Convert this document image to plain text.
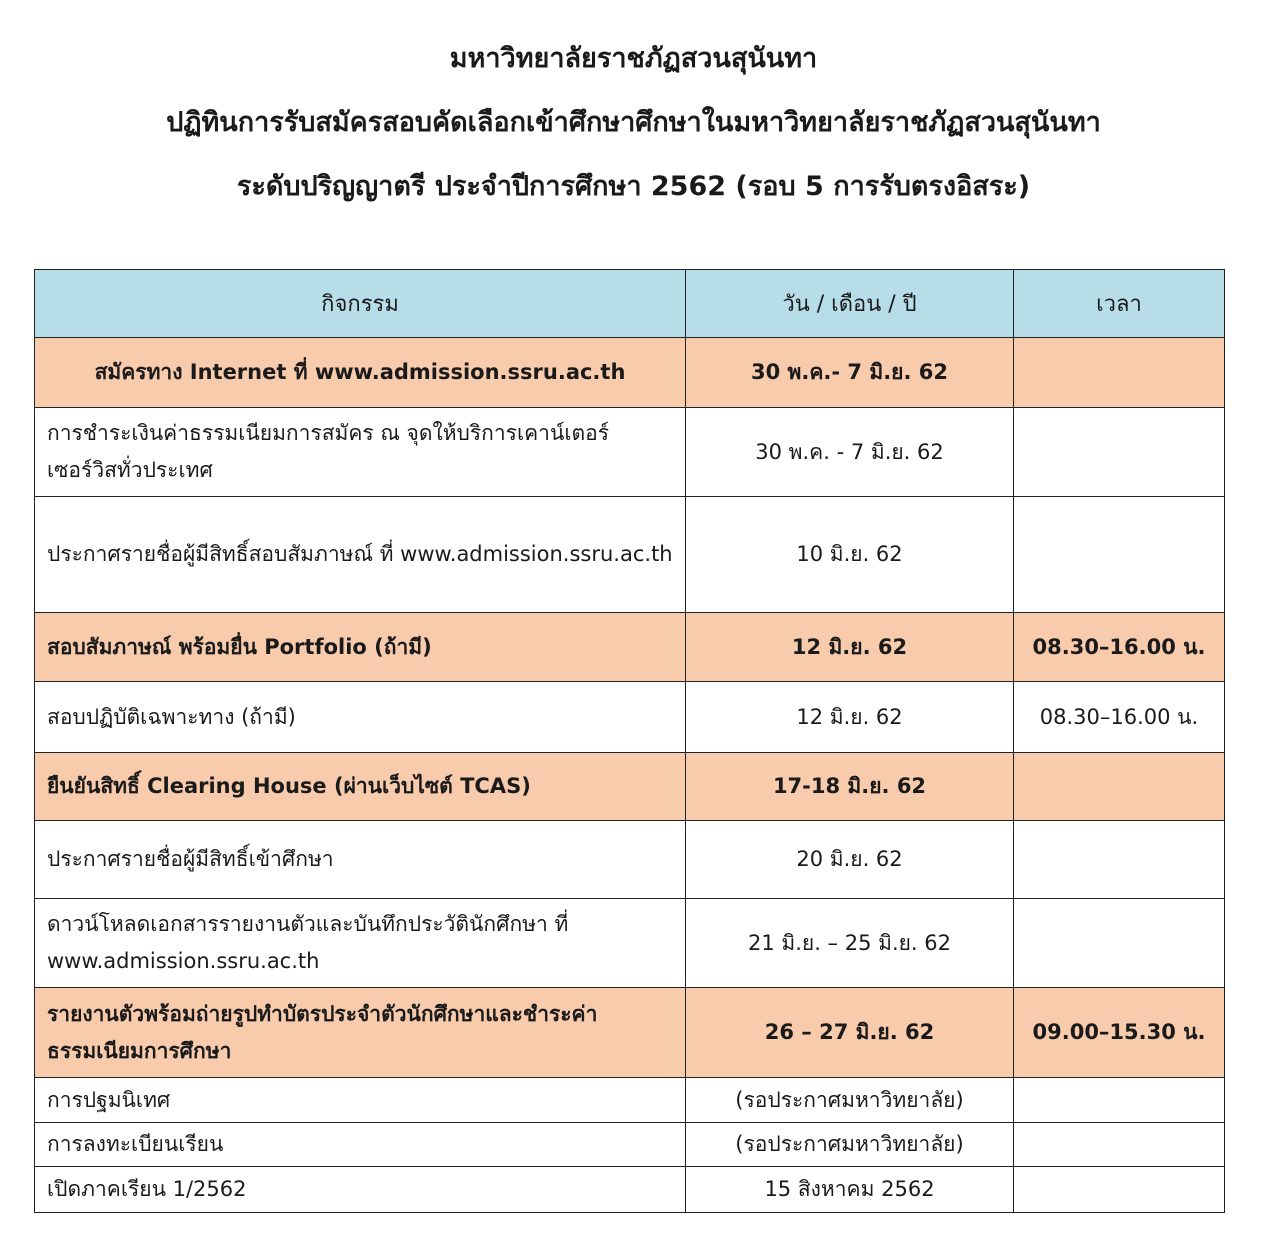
มหาวิทยาลัยราชภัฏสวนสุนันทา
ปฏิทินการรับสมัครสอบคัดเลือกเข้าศึกษาศึกษาในมหาวิทยาลัยราชภัฏสวนสุนันทา
ระดับปริญญาตรี ประจำปีการศึกษา 2562 (รอบ 5 การรับตรงอิสระ)
กิจกรรม	วัน / เดือน / ปี	เวลา
สมัครทาง Internet ที่ www.admission.ssru.ac.th	30 พ.ค.- 7 มิ.ย. 62	
การชำระเงินค่าธรรมเนียมการสมัคร ณ จุดให้บริการเคาน์เตอร์เซอร์วิสทั่วประเทศ	30 พ.ค. - 7 มิ.ย. 62	
ประกาศรายชื่อผู้มีสิทธิ์สอบสัมภาษณ์ ที่ www.admission.ssru.ac.th	10 มิ.ย. 62	
สอบสัมภาษณ์ พร้อมยื่น Portfolio (ถ้ามี)	12 มิ.ย. 62	08.30–16.00 น.
สอบปฏิบัติเฉพาะทาง (ถ้ามี)	12 มิ.ย. 62	08.30–16.00 น.
ยืนยันสิทธิ์ Clearing House (ผ่านเว็บไซต์ TCAS)	17-18 มิ.ย. 62	
ประกาศรายชื่อผู้มีสิทธิ์เข้าศึกษา	20 มิ.ย. 62	
ดาวน์โหลดเอกสารรายงานตัวและบันทึกประวัตินักศึกษา ที่ www.admission.ssru.ac.th	21 มิ.ย. – 25 มิ.ย. 62	
รายงานตัวพร้อมถ่ายรูปทำบัตรประจำตัวนักศึกษาและชำระค่าธรรมเนียมการศึกษา	26 – 27 มิ.ย. 62	09.00–15.30 น.
การปฐมนิเทศ	(รอประกาศมหาวิทยาลัย)	
การลงทะเบียนเรียน	(รอประกาศมหาวิทยาลัย)	
เปิดภาคเรียน 1/2562	15 สิงหาคม 2562	
